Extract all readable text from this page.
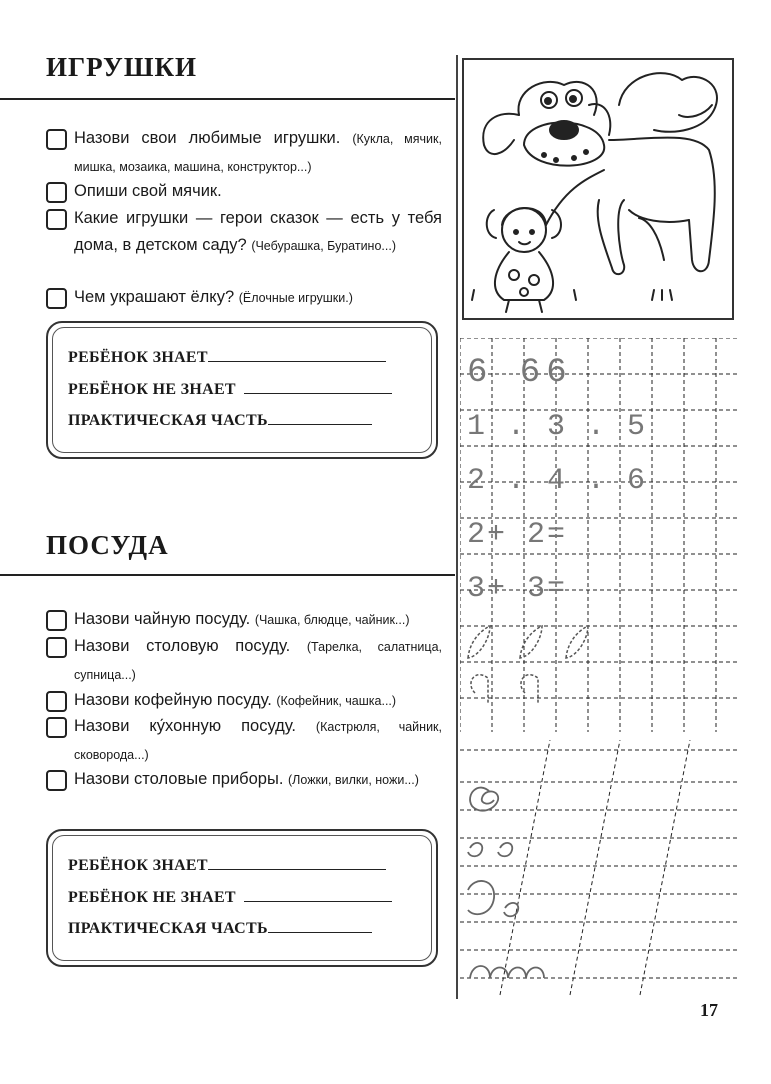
ИГРУШКИ
Назови свои любимые игрушки. (Кукла, мячик, мишка, мозаика, машина, конструктор...)
Опиши свой мячик.
Какие игрушки — герои сказок — есть у тебя дома, в детском саду? (Чебурашка, Буратино...)
Чем украшают ёлку? (Ёлочные игрушки.)
РЕБЁНОК ЗНАЕТ
РЕБЁНОК НЕ ЗНАЕТ
ПРАКТИЧЕСКАЯ ЧАСТЬ
ПОСУДА
Назови чайную посуду. (Чашка, блюдце, чайник...)
Назови столовую посуду. (Тарелка, салатница, супница...)
Назови кофейную посуду. (Кофейник, чашка...)
Назови ку́хонную посуду. (Кастрюля, чайник, сковорода...)
Назови столовые приборы. (Ложки, вилки, ножи...)
РЕБЁНОК ЗНАЕТ
РЕБЁНОК НЕ ЗНАЕТ
ПРАКТИЧЕСКАЯ ЧАСТЬ
6 66
1 . 3 . 5
2 . 4 . 6
2+ 2=
3+ 3=
17
